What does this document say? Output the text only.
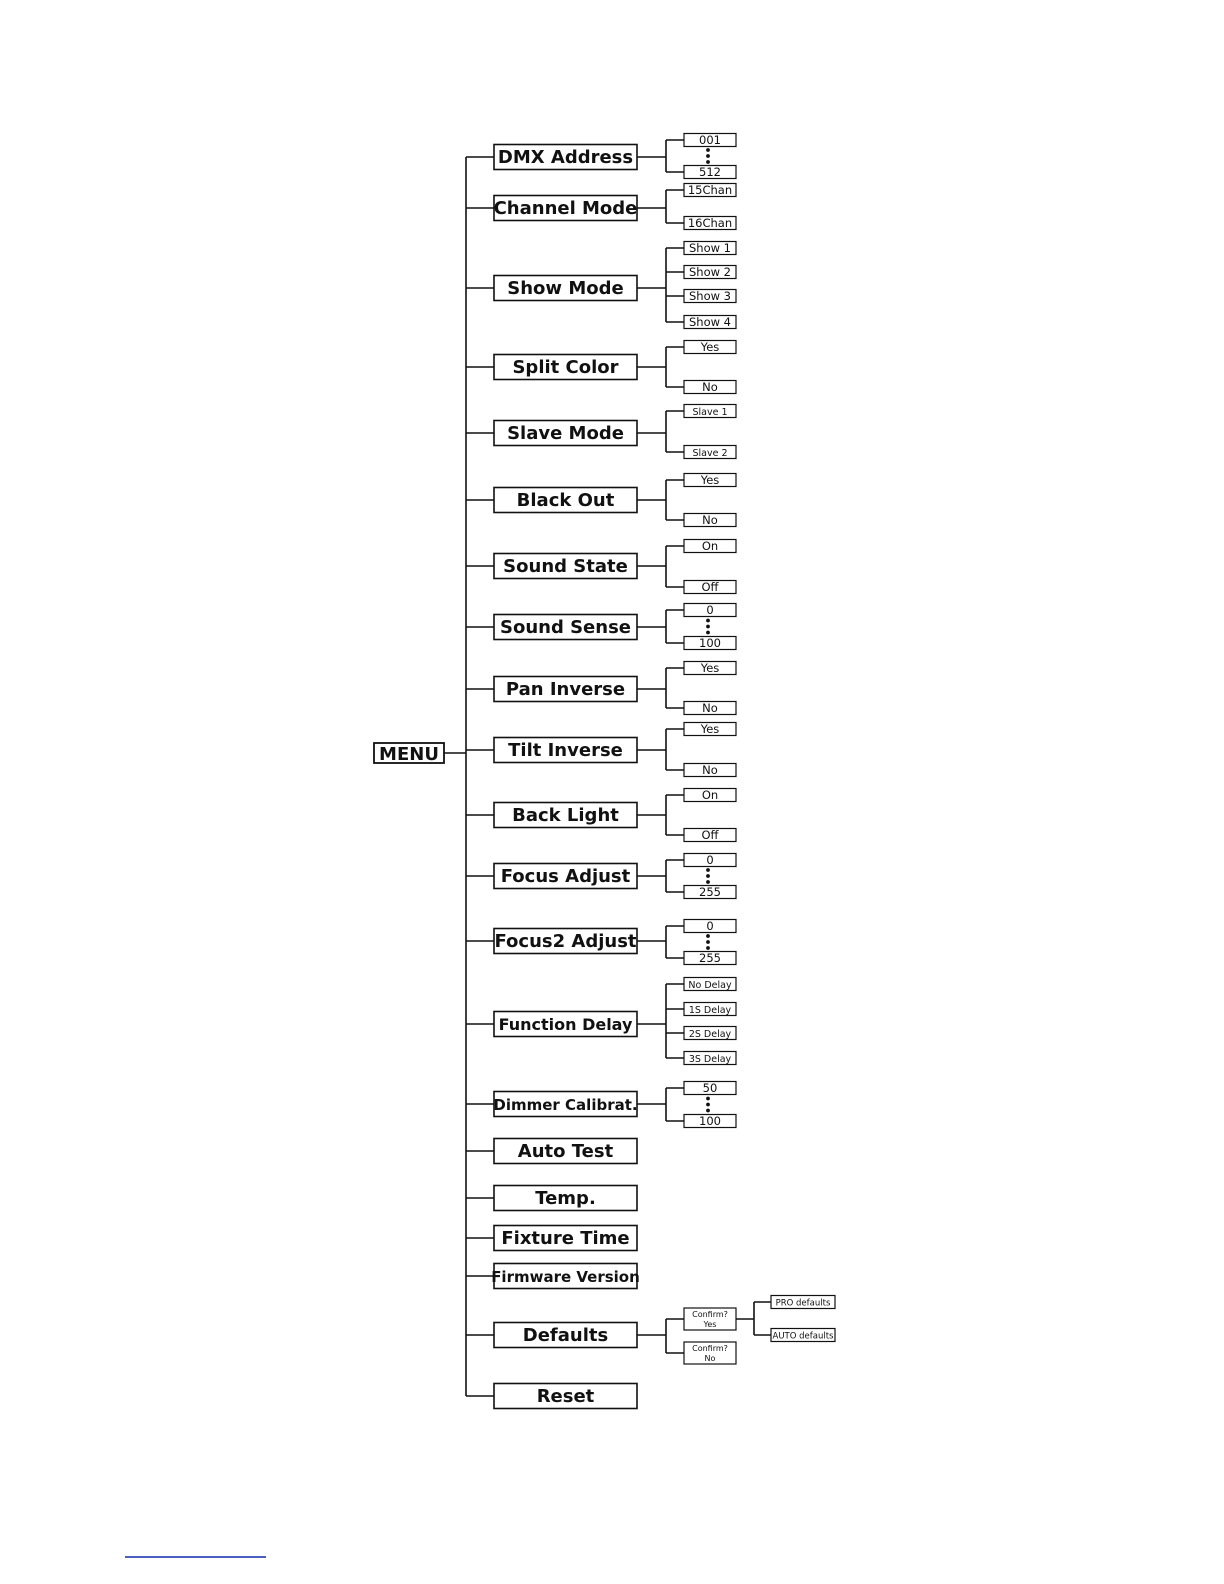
MENU
DMX Address
001
512
Channel Mode
15Chan
16Chan
Show Mode
Show 1
Show 2
Show 3
Show 4
Split Color
Yes
No
Slave Mode
Slave 1
Slave 2
Black Out
Yes
No
Sound State
On
Off
Sound Sense
0
100
Pan Inverse
Yes
No
Tilt Inverse
Yes
No
Back Light
On
Off
Focus Adjust
0
255
Focus2 Adjust
0
255
Function Delay
No Delay
1S Delay
2S Delay
3S Delay
Dimmer Calibrat.
50
100
Auto Test
Temp.
Fixture Time
Firmware Version
Defaults
Confirm?
Yes
Confirm?
No
PRO defaults
AUTO defaults
Reset
